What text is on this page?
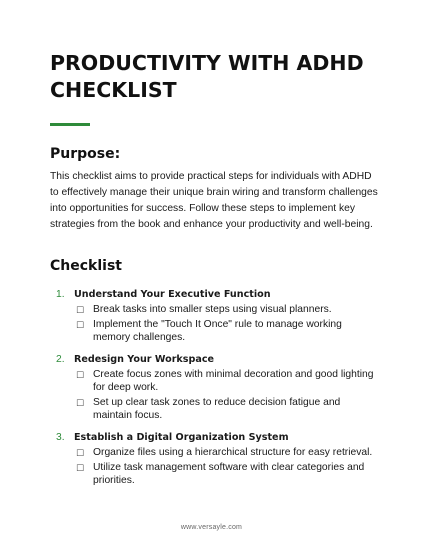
PRODUCTIVITY WITH ADHD CHECKLIST
Purpose:

This checklist aims to provide practical steps for individuals with ADHD to effectively manage their unique brain wiring and transform challenges into opportunities for success. Follow these steps to implement key strategies from the book and enhance your productivity and well-being.

Checklist
1. Understand Your Executive Function
☐ Break tasks into smaller steps using visual planners.
☐ Implement the "Touch It Once" rule to manage working memory challenges.
2. Redesign Your Workspace
☐ Create focus zones with minimal decoration and good lighting for deep work.
☐ Set up clear task zones to reduce decision fatigue and maintain focus.
3. Establish a Digital Organization System
☐ Organize files using a hierarchical structure for easy retrieval.
☐ Utilize task management software with clear categories and priorities.
www.versayle.com
